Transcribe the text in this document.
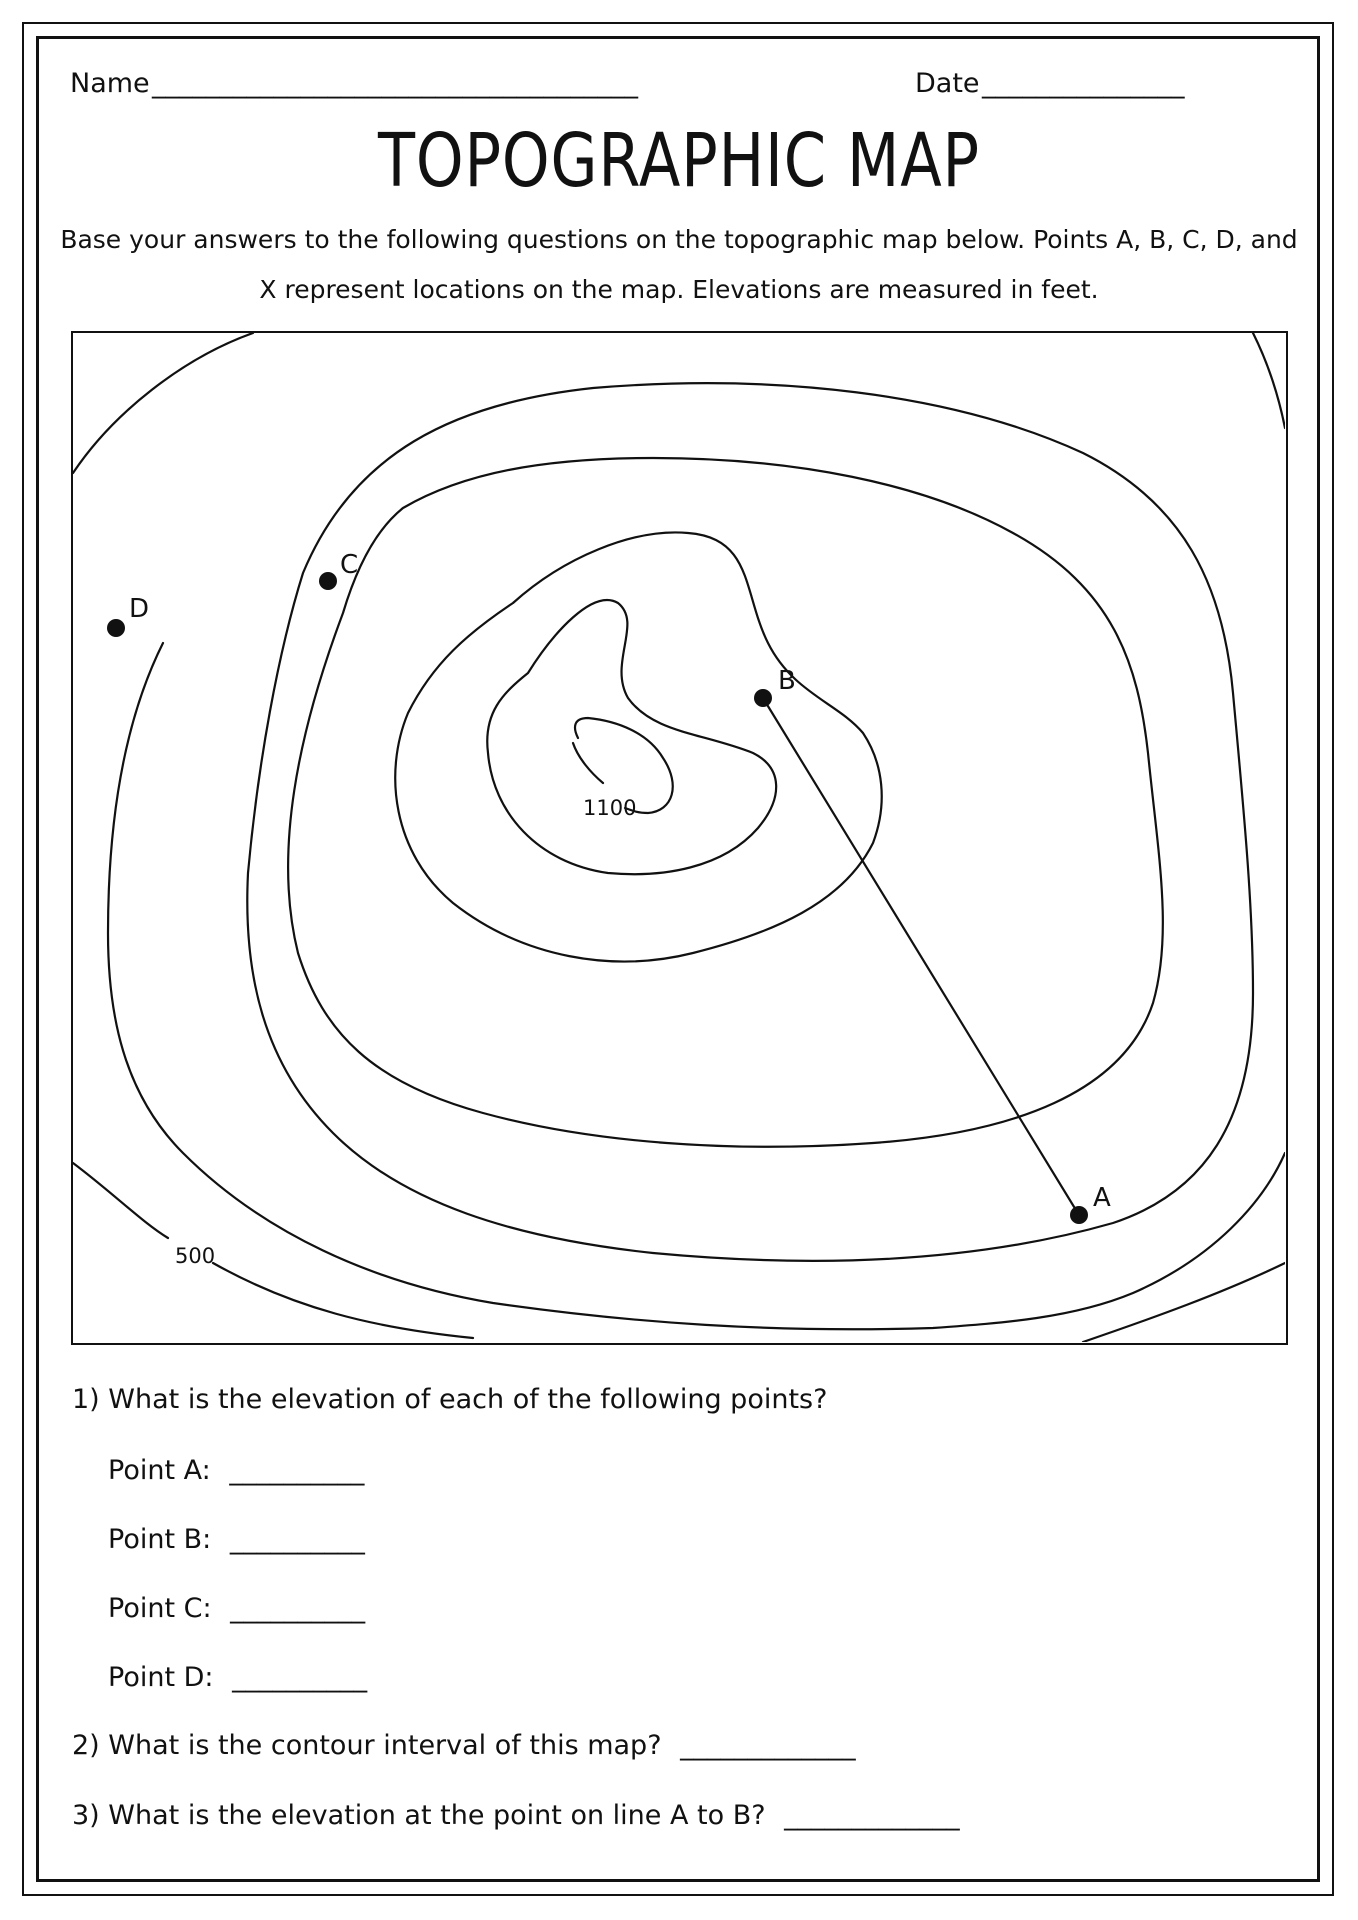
Name ____________________________________	Date _______________
TOPOGRAPHIC MAP
Base your answers to the following questions on the topographic map below. Points A, B, C, D, and X represent locations on the map. Elevations are measured in feet.
A
B
C
D
500
1100
1) What is the elevation of each of the following points?
Point A: __________
Point B: __________
Point C: __________
Point D: __________
2) What is the contour interval of this map? _____________
3) What is the elevation at the point on line A to B? _____________
